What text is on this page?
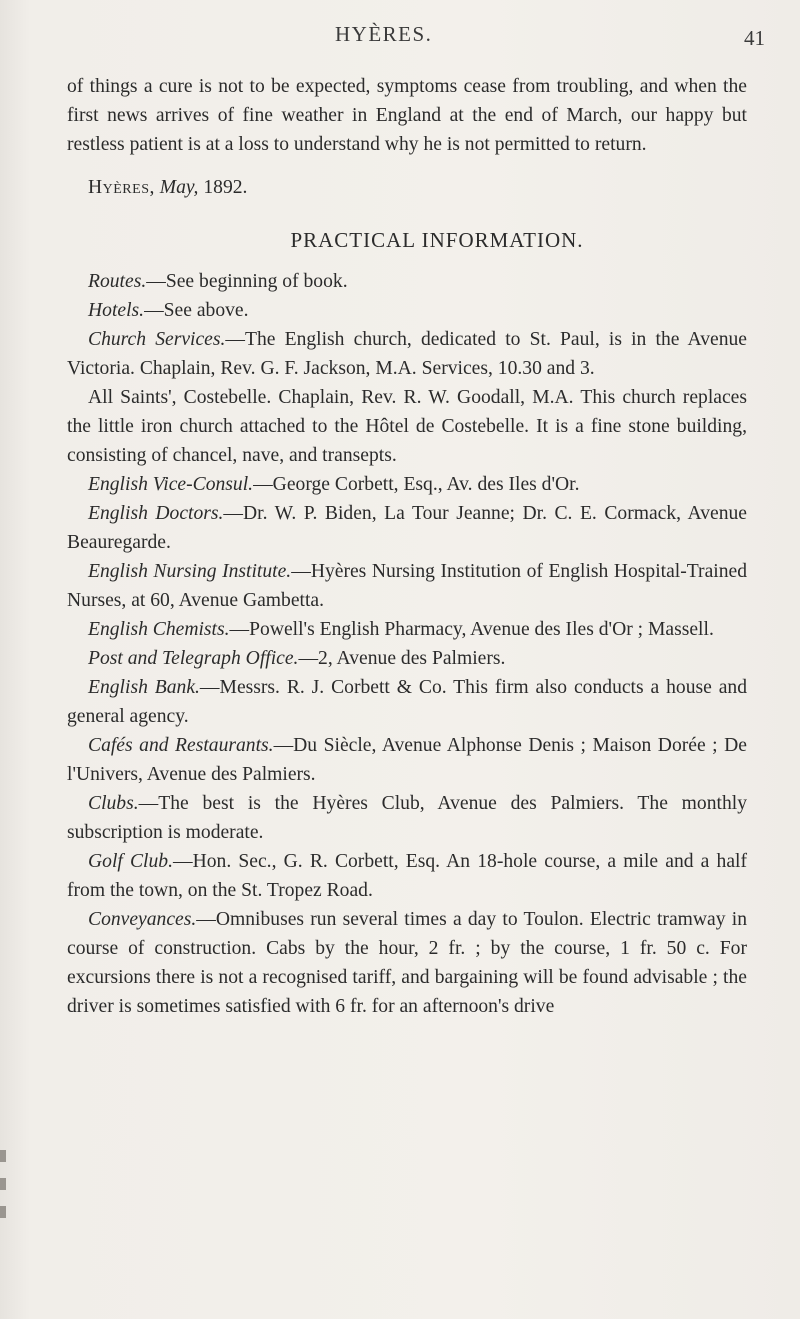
HYÈRES.	41

of things a cure is not to be expected, symptoms cease from troubling, and when the first news arrives of fine weather in England at the end of March, our happy but restless patient is at a loss to understand why he is not permitted to return.

Hyères, May, 1892.

PRACTICAL INFORMATION.

Routes.—See beginning of book.

Hotels.—See above.

Church Services.—The English church, dedicated to St. Paul, is in the Avenue Victoria. Chaplain, Rev. G. F. Jackson, M.A. Services, 10.30 and 3.

All Saints', Costebelle. Chaplain, Rev. R. W. Goodall, M.A. This church replaces the little iron church attached to the Hôtel de Costebelle. It is a fine stone building, consisting of chancel, nave, and transepts.

English Vice-Consul.—George Corbett, Esq., Av. des Iles d'Or.

English Doctors.—Dr. W. P. Biden, La Tour Jeanne; Dr. C. E. Cormack, Avenue Beauregarde.

English Nursing Institute.—Hyères Nursing Institution of English Hospital-Trained Nurses, at 60, Avenue Gambetta.

English Chemists.—Powell's English Pharmacy, Avenue des Iles d'Or ; Massell.

Post and Telegraph Office.—2, Avenue des Palmiers.

English Bank.—Messrs. R. J. Corbett & Co. This firm also conducts a house and general agency.

Cafés and Restaurants.—Du Siècle, Avenue Alphonse Denis ; Maison Dorée ; De l'Univers, Avenue des Palmiers.

Clubs.—The best is the Hyères Club, Avenue des Palmiers. The monthly subscription is moderate.

Golf Club.—Hon. Sec., G. R. Corbett, Esq. An 18-hole course, a mile and a half from the town, on the St. Tropez Road.

Conveyances.—Omnibuses run several times a day to Toulon. Electric tramway in course of construction. Cabs by the hour, 2 fr. ; by the course, 1 fr. 50 c. For excursions there is not a recognised tariff, and bargaining will be found advisable ; the driver is sometimes satisfied with 6 fr. for an afternoon's drive
